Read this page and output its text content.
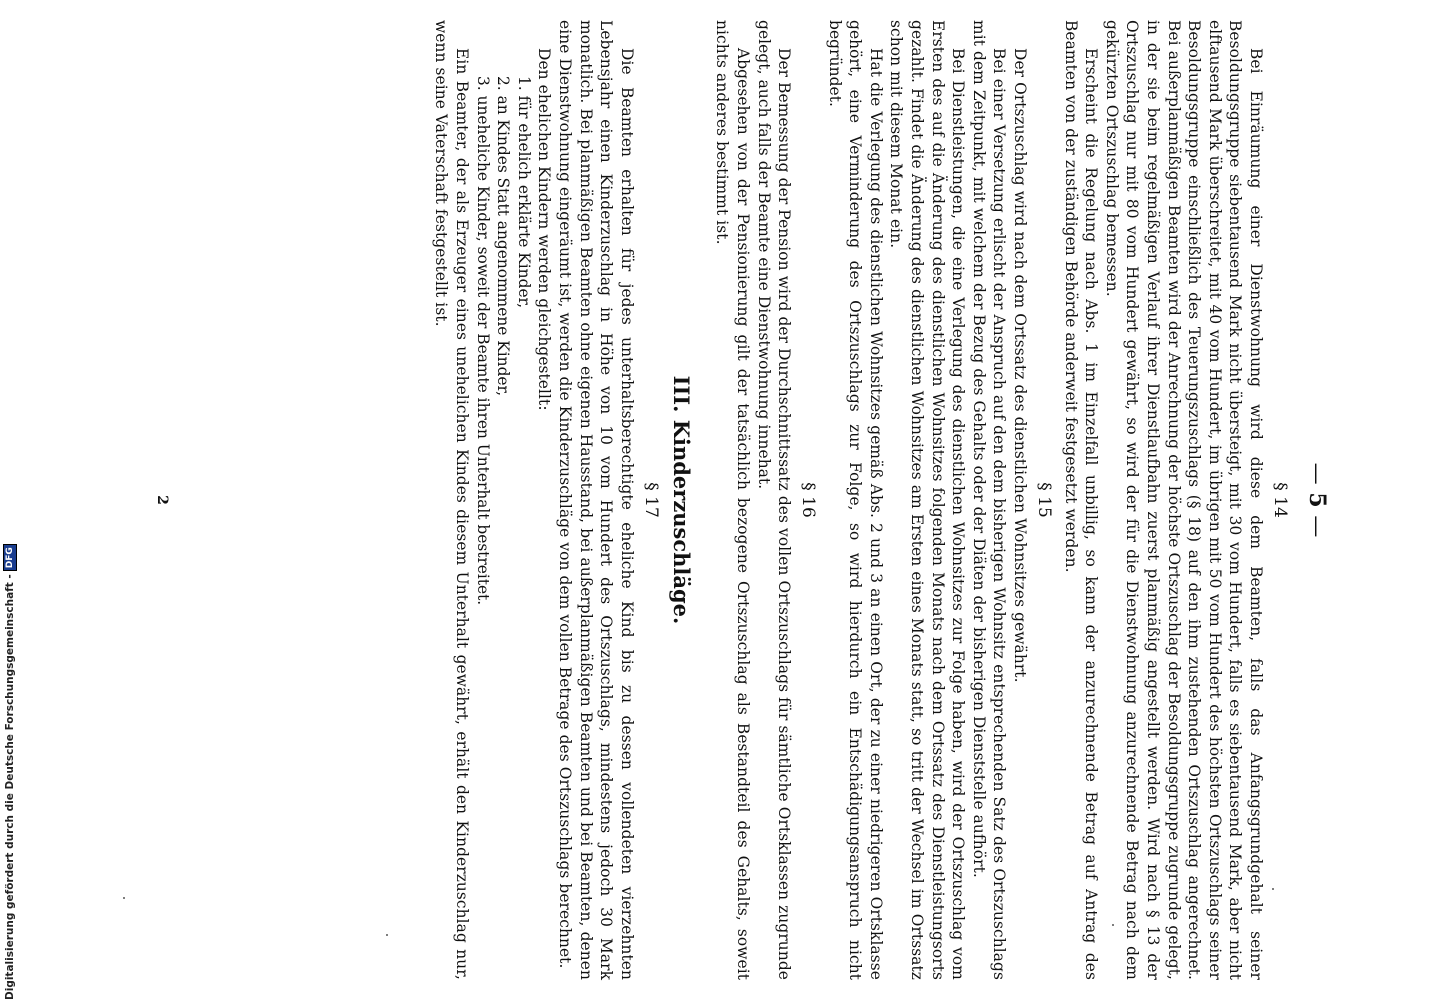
— 5 —
§ 14

Bei Einräumung einer Dienstwohnung wird diese dem Beamten, falls das Anfangsgrundgehalt seiner Besoldungsgruppe siebentausend Mark nicht übersteigt, mit 30 vom Hundert, falls es siebentausend Mark, aber nicht elftausend Mark überschreitet, mit 40 vom Hundert, im übrigen mit 50 vom Hundert des höchsten Ortszuschlags seiner Besoldungsgruppe einschließlich des Teuerungszuschlags (§ 18) auf den ihm zustehenden Ortszuschlag angerechnet. Bei außerplanmäßigen Beamten wird der Anrechnung der höchste Ortszuschlag der Besoldungsgruppe zugrunde gelegt, in der sie beim regelmäßigen Verlauf ihrer Dienstlaufbahn zuerst planmäßig angestellt werden. Wird nach § 13 der Ortszuschlag nur mit 80 vom Hundert gewährt, so wird der für die Dienstwohnung anzurechnende Betrag nach dem gekürzten Ortszuschlag bemessen.

Erscheint die Regelung nach Abs. 1 im Einzelfall unbillig, so kann der anzurechnende Betrag auf Antrag des Beamten von der zuständigen Behörde anderweit festgesetzt werden.

§ 15

Der Ortszuschlag wird nach dem Ortssatz des dienstlichen Wohnsitzes gewährt.

Bei einer Versetzung erlischt der Anspruch auf den dem bisherigen Wohnsitz entsprechenden Satz des Ortszuschlags mit dem Zeitpunkt, mit welchem der Bezug des Gehalts oder der Diäten der bisherigen Dienststelle aufhört.

Bei Dienstleistungen, die eine Verlegung des dienstlichen Wohnsitzes zur Folge haben, wird der Ortszuschlag vom Ersten des auf die Änderung des dienstlichen Wohnsitzes folgenden Monats nach dem Ortssatz des Dienstleistungsorts gezahlt. Findet die Änderung des dienstlichen Wohnsitzes am Ersten eines Monats statt, so tritt der Wechsel im Ortssatz schon mit diesem Monat ein.

Hat die Verlegung des dienstlichen Wohnsitzes gemäß Abs. 2 und 3 an einen Ort, der zu einer niedrigeren Ortsklasse gehört, eine Verminderung des Ortszuschlags zur Folge, so wird hierdurch ein Entschädigungsanspruch nicht begründet.

§ 16

Der Bemessung der Pension wird der Durchschnittssatz des vollen Ortszuschlags für sämtliche Ortsklassen zugrunde gelegt, auch falls der Beamte eine Dienstwohnung innehat.

Abgesehen von der Pensionierung gilt der tatsächlich bezogene Ortszuschlag als Bestandteil des Gehalts, soweit nichts anderes bestimmt ist.

III. Kinderzuschläge.
§ 17

Die Beamten erhalten für jedes unterhaltsberechtigte eheliche Kind bis zu dessen vollendeten vierzehnten Lebensjahr einen Kinderzuschlag in Höhe von 10 vom Hundert des Ortszuschlags, mindestens jedoch 30 Mark monatlich. Bei planmäßigen Beamten ohne eigenen Hausstand, bei außerplanmäßigen Beamten und bei Beamten, denen eine Dienstwohnung eingeräumt ist, werden die Kinderzuschläge von dem vollen Betrage des Ortszuschlags berechnet.

Den ehelichen Kindern werden gleichgestellt:

1. für ehelich erklärte Kinder,

2. an Kindes Statt angenommene Kinder,

3. uneheliche Kinder, soweit der Beamte ihren Unterhalt bestreitet.

Ein Beamter, der als Erzeuger eines unehelichen Kindes diesem Unterhalt gewährt, erhält den Kinderzuschlag nur, wenn seine Vaterschaft festgestellt ist.

2
Digitalisierung gefördert durch die Deutsche Forschungsgemeinschaft -
DFG
